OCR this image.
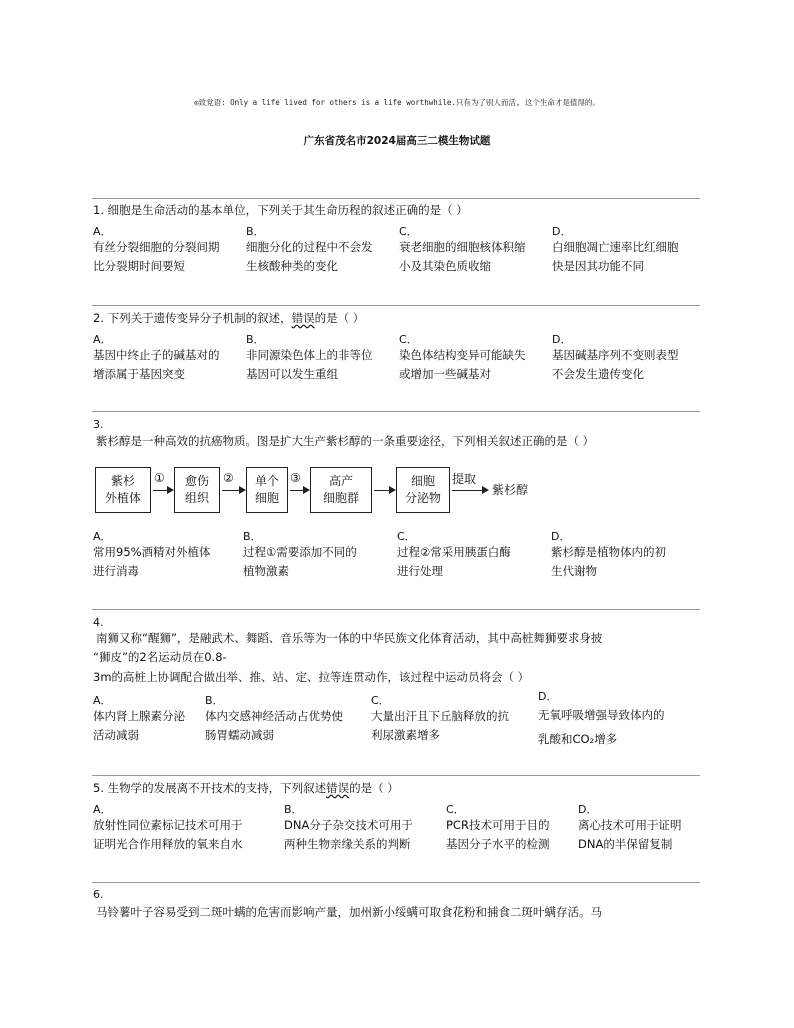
◎致党语: Only a life lived for others is a life worthwhile.只有为了别人而活, 这个生命才是值得的。
广东省茂名市2024届高三二模生物试题
1. 细胞是生命活动的基本单位，下列关于其生命历程的叙述正确的是（ ）
A．
有丝分裂细胞的分裂间期
比分裂期时间要短
B．
细胞分化的过程中不会发
生核酸种类的变化
C．
衰老细胞的细胞核体积缩
小及其染色质收缩
D．
白细胞凋亡速率比红细胞
快是因其功能不同
2. 下列关于遗传变异分子机制的叙述，错误的是（ ）
A．
基因中终止子的碱基对的
增添属于基因突变
B．
非同源染色体上的非等位
基因可以发生重组
C．
染色体结构变异可能缺失
或增加一些碱基对
D．
基因碱基序列不变则表型
不会发生遗传变化
3.
紫杉醇是一种高效的抗癌物质。图是扩大生产紫杉醇的一条重要途径，下列相关叙述正确的是（ ）
紫杉
外植体
①	愈伤
组织
②	单个
细胞
③	高产
细胞群
细胞
分泌物
提取
紫杉醇
A．
常用95%酒精对外植体
进行消毒
B．
过程①需要添加不同的
植物激素
C．
过程②常采用胰蛋白酶
进行处理
D．
紫杉醇是植物体内的初
生代谢物
4.
南狮又称“醒狮”，是融武术、舞蹈、音乐等为一体的中华民族文化体育活动，其中高桩舞狮要求身披
“狮皮”的2名运动员在0.8-
3m的高桩上协调配合做出举、推、站、定、拉等连贯动作，该过程中运动员将会（ ）
A．
体内肾上腺素分泌
活动减弱
B．
体内交感神经活动占优势使
肠胃蠕动减弱
C．
大量出汗且下丘脑释放的抗
利尿激素增多
D．
无氧呼吸增强导致体内的
乳酸和CO₂增多
5. 生物学的发展离不开技术的支持，下列叙述错误的是（ ）
A．
放射性同位素标记技术可用于
证明光合作用释放的氧来自水
B．
DNA分子杂交技术可用于
两种生物亲缘关系的判断
C．
PCR技术可用于目的
基因分子水平的检测
D．
离心技术可用于证明
DNA的半保留复制
6.
马铃薯叶子容易受到二斑叶螨的危害而影响产量，加州新小绥螨可取食花粉和捕食二斑叶螨存活。马
